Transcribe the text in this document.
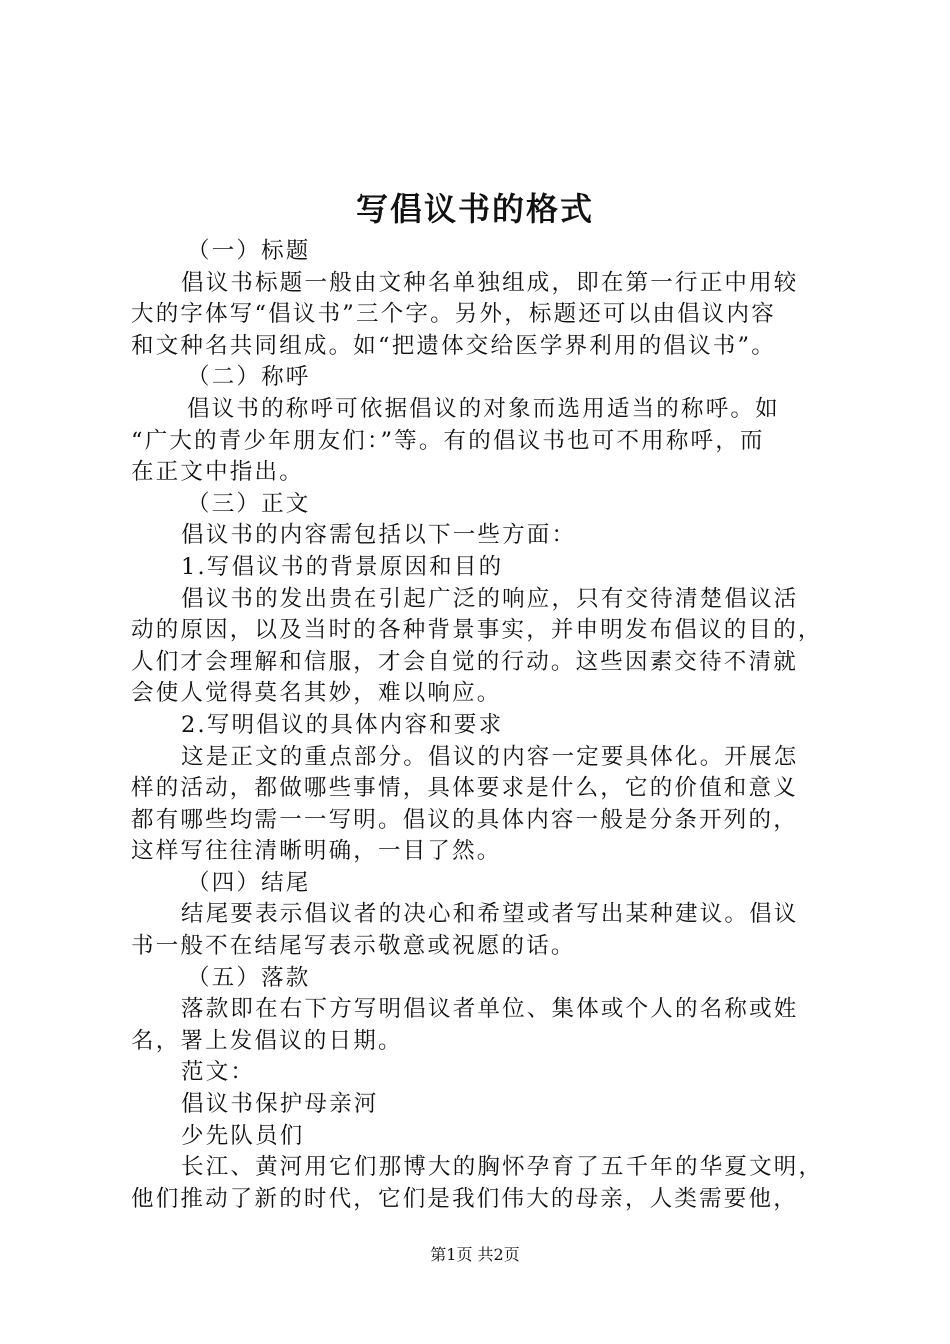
写倡议书的格式

（一）标题

倡议书标题一般由文种名单独组成，即在第一行正中用较

大的字体写“倡议书”三个字。另外，标题还可以由倡议内容

和文种名共同组成。如“把遗体交给医学界利用的倡议书”。

（二）称呼

倡议书的称呼可依据倡议的对象而选用适当的称呼。如

“广大的青少年朋友们：”等。有的倡议书也可不用称呼，而

在正文中指出。

（三）正文

倡议书的内容需包括以下一些方面：

1.写倡议书的背景原因和目的

倡议书的发出贵在引起广泛的响应，只有交待清楚倡议活

动的原因，以及当时的各种背景事实，并申明发布倡议的目的，

人们才会理解和信服，才会自觉的行动。这些因素交待不清就

会使人觉得莫名其妙，难以响应。

2.写明倡议的具体内容和要求

这是正文的重点部分。倡议的内容一定要具体化。开展怎

样的活动，都做哪些事情，具体要求是什么，它的价值和意义

都有哪些均需一一写明。倡议的具体内容一般是分条开列的，

这样写往往清晰明确，一目了然。

（四）结尾

结尾要表示倡议者的决心和希望或者写出某种建议。倡议

书一般不在结尾写表示敬意或祝愿的话。

（五）落款

落款即在右下方写明倡议者单位、集体或个人的名称或姓

名，署上发倡议的日期。

范文：

倡议书保护母亲河

少先队员们

长江、黄河用它们那博大的胸怀孕育了五千年的华夏文明，

他们推动了新的时代，它们是我们伟大的母亲，人类需要他，

第1页 共2页
